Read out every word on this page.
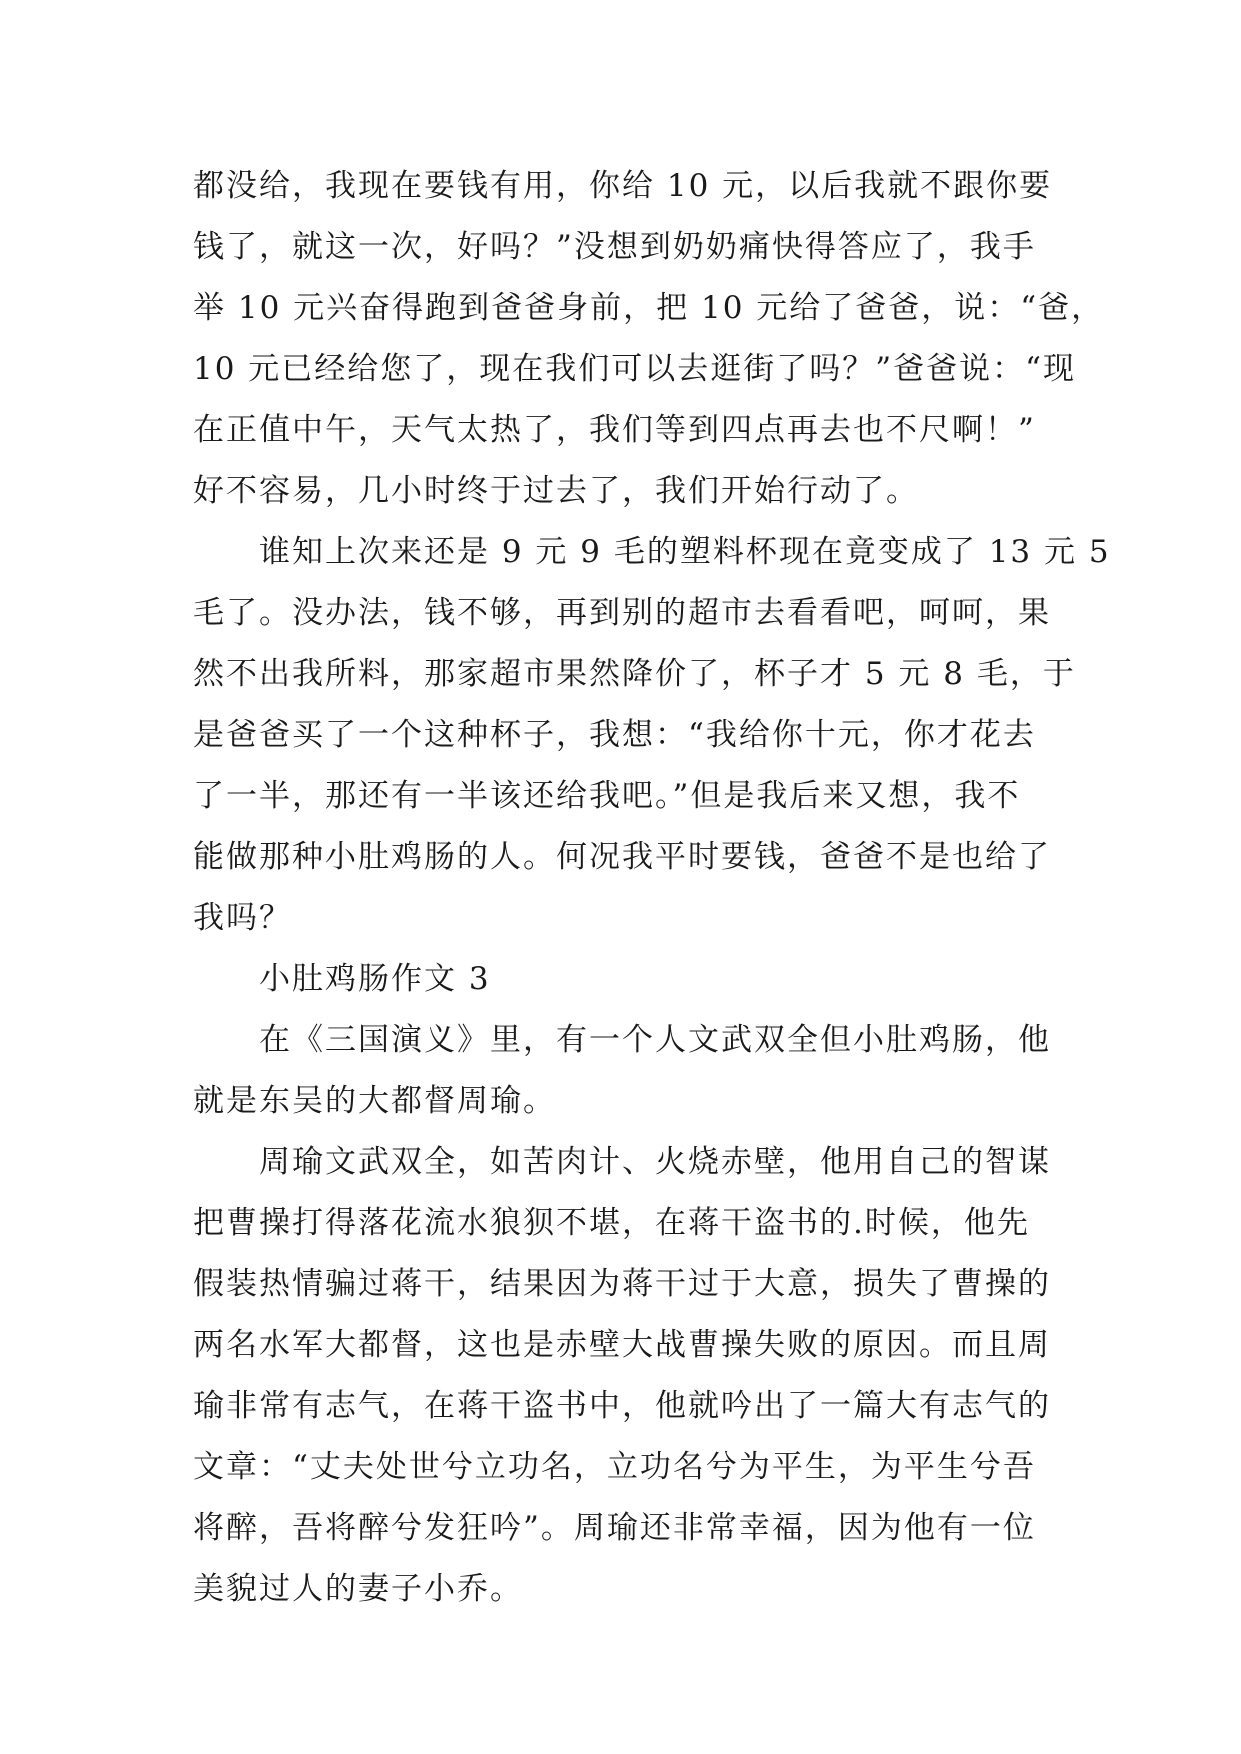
都没给，我现在要钱有用，你给 10 元，以后我就不跟你要
钱了，就这一次，好吗？”没想到奶奶痛快得答应了，我手
举 10 元兴奋得跑到爸爸身前，把 10 元给了爸爸，说：“爸，
10 元已经给您了，现在我们可以去逛街了吗？”爸爸说：“现
在正值中午，天气太热了，我们等到四点再去也不尺啊！”
好不容易，几小时终于过去了，我们开始行动了。
谁知上次来还是 9 元 9 毛的塑料杯现在竟变成了 13 元 5
毛了。没办法，钱不够，再到别的超市去看看吧，呵呵，果
然不出我所料，那家超市果然降价了，杯子才 5 元 8 毛，于
是爸爸买了一个这种杯子，我想：“我给你十元，你才花去
了一半，那还有一半该还给我吧。”但是我后来又想，我不
能做那种小肚鸡肠的人。何况我平时要钱，爸爸不是也给了
我吗？
小肚鸡肠作文 3
在《三国演义》里，有一个人文武双全但小肚鸡肠，他
就是东吴的大都督周瑜。
周瑜文武双全，如苦肉计、火烧赤壁，他用自己的智谋
把曹操打得落花流水狼狈不堪，在蒋干盗书的.时候，他先
假装热情骗过蒋干，结果因为蒋干过于大意，损失了曹操的
两名水军大都督，这也是赤壁大战曹操失败的原因。而且周
瑜非常有志气，在蒋干盗书中，他就吟出了一篇大有志气的
文章：“丈夫处世兮立功名，立功名兮为平生，为平生兮吾
将醉，吾将醉兮发狂吟”。周瑜还非常幸福，因为他有一位
美貌过人的妻子小乔。
